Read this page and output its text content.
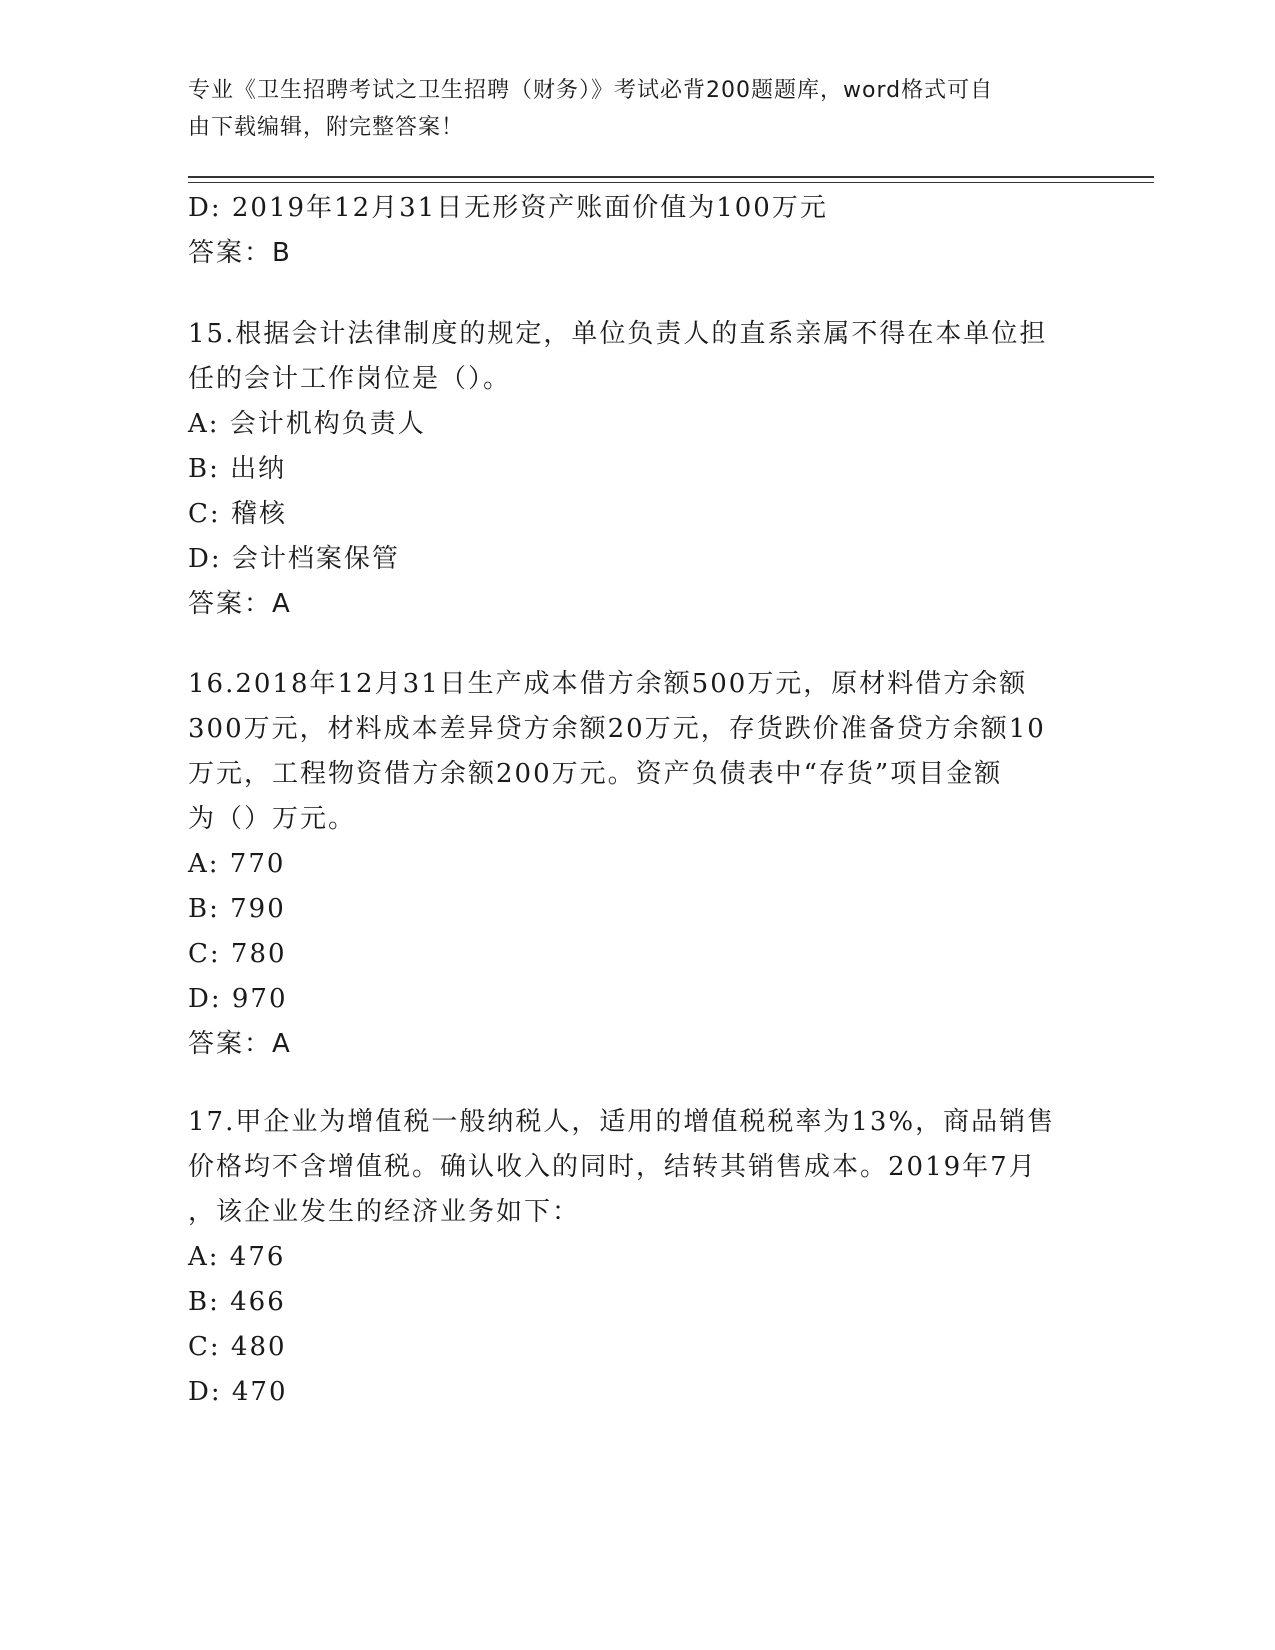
专业《卫生招聘考试之卫生招聘（财务）》考试必背200题题库，word格式可自
由下载编辑，附完整答案！
D: 2019年12月31日无形资产账面价值为100万元
答案：B
15.根据会计法律制度的规定，单位负责人的直系亲属不得在本单位担
任的会计工作岗位是（）。
A: 会计机构负责人
B: 出纳
C: 稽核
D: 会计档案保管
答案：A
16.2018年12月31日生产成本借方余额500万元，原材料借方余额
300万元，材料成本差异贷方余额20万元，存货跌价准备贷方余额10
万元，工程物资借方余额200万元。资产负债表中“存货”项目金额
为（）万元。
A: 770
B: 790
C: 780
D: 970
答案：A
17.甲企业为增值税一般纳税人，适用的增值税税率为13%，商品销售
价格均不含增值税。确认收入的同时，结转其销售成本。2019年7月
，该企业发生的经济业务如下：
A: 476
B: 466
C: 480
D: 470
